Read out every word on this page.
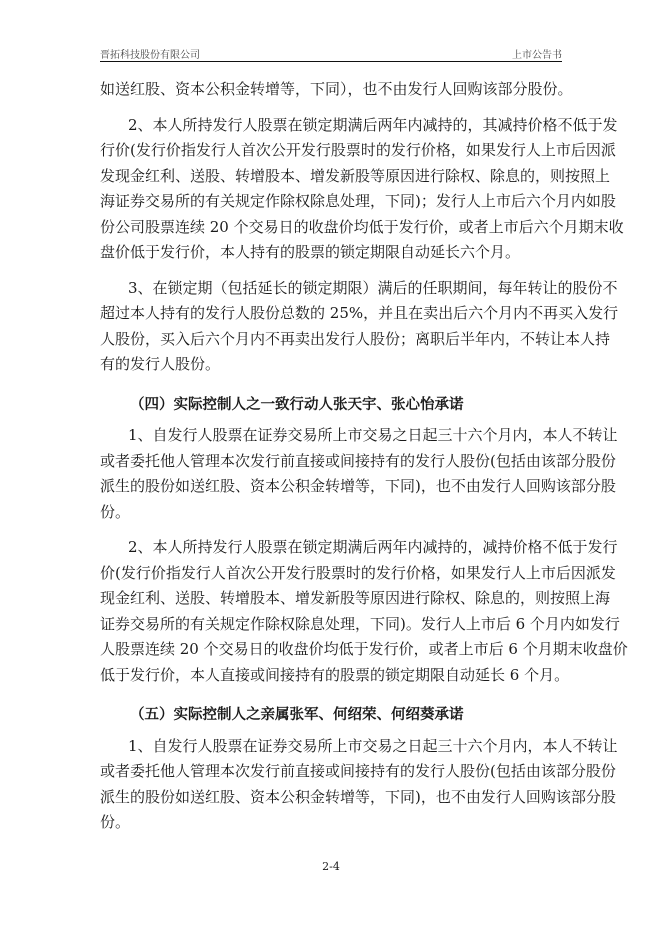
晋拓科技股份有限公司	上市公告书
如送红股、资本公积金转增等，下同），也不由发行人回购该部分股份。
2、本人所持发行人股票在锁定期满后两年内减持的，其减持价格不低于发
行价(发行价指发行人首次公开发行股票时的发行价格，如果发行人上市后因派
发现金红利、送股、转增股本、增发新股等原因进行除权、除息的，则按照上
海证券交易所的有关规定作除权除息处理，下同)；发行人上市后六个月内如股
份公司股票连续 20 个交易日的收盘价均低于发行价，或者上市后六个月期末收
盘价低于发行价，本人持有的股票的锁定期限自动延长六个月。
3、在锁定期（包括延长的锁定期限）满后的任职期间，每年转让的股份不
超过本人持有的发行人股份总数的 25%，并且在卖出后六个月内不再买入发行
人股份，买入后六个月内不再卖出发行人股份；离职后半年内，不转让本人持
有的发行人股份。
（四）实际控制人之一致行动人张天宇、张心怡承诺
1、自发行人股票在证券交易所上市交易之日起三十六个月内，本人不转让
或者委托他人管理本次发行前直接或间接持有的发行人股份(包括由该部分股份
派生的股份如送红股、资本公积金转增等，下同)，也不由发行人回购该部分股
份。
2、本人所持发行人股票在锁定期满后两年内减持的，减持价格不低于发行
价(发行价指发行人首次公开发行股票时的发行价格，如果发行人上市后因派发
现金红利、送股、转增股本、增发新股等原因进行除权、除息的，则按照上海
证券交易所的有关规定作除权除息处理，下同)。发行人上市后 6 个月内如发行
人股票连续 20 个交易日的收盘价均低于发行价，或者上市后 6 个月期末收盘价
低于发行价，本人直接或间接持有的股票的锁定期限自动延长 6 个月。
（五）实际控制人之亲属张军、何绍荣、何绍葵承诺
1、自发行人股票在证券交易所上市交易之日起三十六个月内，本人不转让
或者委托他人管理本次发行前直接或间接持有的发行人股份(包括由该部分股份
派生的股份如送红股、资本公积金转增等，下同)，也不由发行人回购该部分股
份。
2-4
